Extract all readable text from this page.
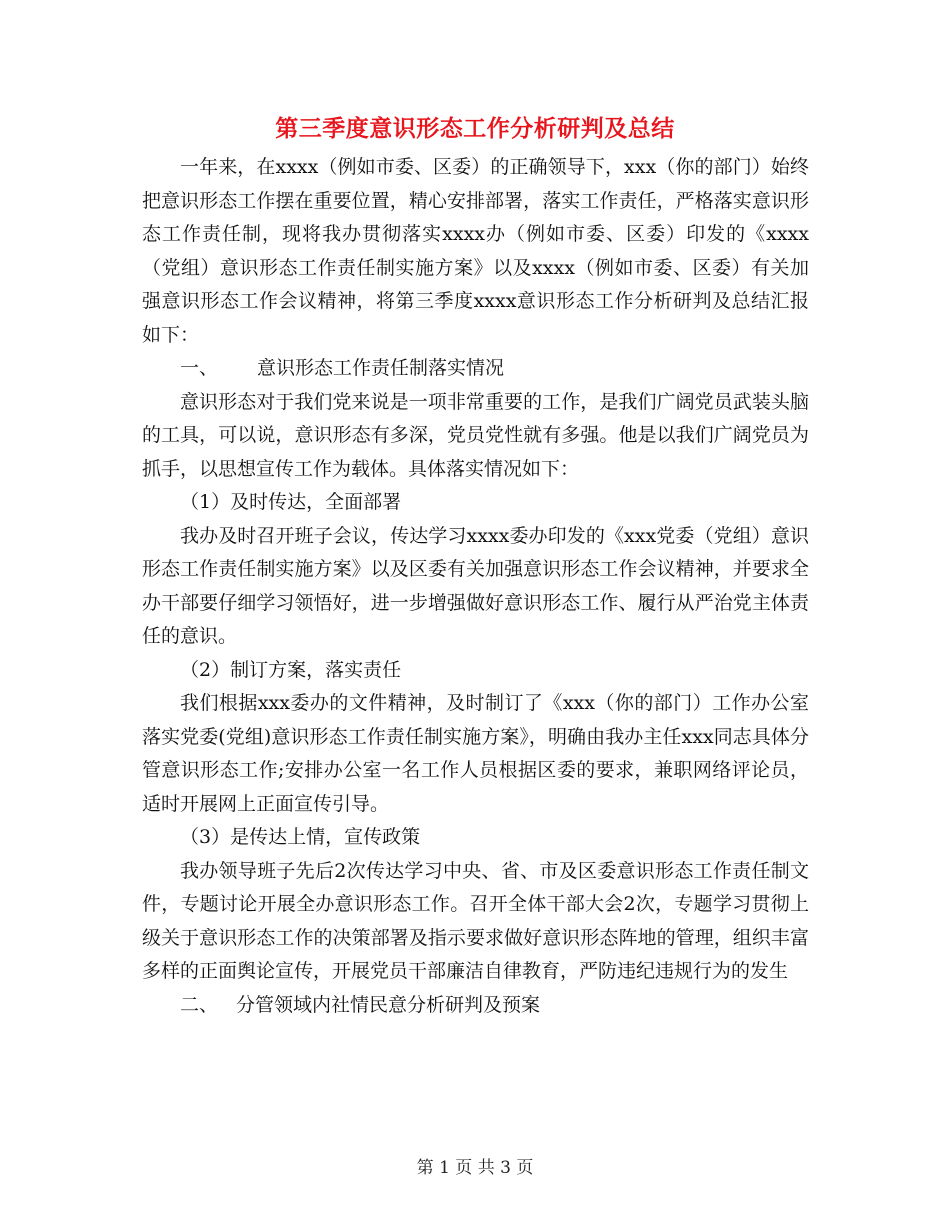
第三季度意识形态工作分析研判及总结

一年来，在xxxx（例如市委、区委）的正确领导下，xxx（你的部门）始终把意识形态工作摆在重要位置，精心安排部署，落实工作责任，严格落实意识形态工作责任制，现将我办贯彻落实xxxx办（例如市委、区委）印发的《xxxx（党组）意识形态工作责任制实施方案》以及xxxx（例如市委、区委）有关加强意识形态工作会议精神，将第三季度xxxx意识形态工作分析研判及总结汇报如下：

一、 意识形态工作责任制落实情况

意识形态对于我们党来说是一项非常重要的工作，是我们广阔党员武装头脑的工具，可以说，意识形态有多深，党员党性就有多强。他是以我们广阔党员为抓手，以思想宣传工作为载体。具体落实情况如下：

（1）及时传达，全面部署

我办及时召开班子会议，传达学习xxxx委办印发的《xxx党委（党组）意识形态工作责任制实施方案》以及区委有关加强意识形态工作会议精神，并要求全办干部要仔细学习领悟好，进一步增强做好意识形态工作、履行从严治党主体责任的意识。

（2）制订方案，落实责任

我们根据xxx委办的文件精神，及时制订了《xxx（你的部门）工作办公室落实党委(党组)意识形态工作责任制实施方案》，明确由我办主任xxx同志具体分管意识形态工作;安排办公室一名工作人员根据区委的要求，兼职网络评论员，适时开展网上正面宣传引导。

（3）是传达上情，宣传政策

我办领导班子先后2次传达学习中央、省、市及区委意识形态工作责任制文件，专题讨论开展全办意识形态工作。召开全体干部大会2次，专题学习贯彻上级关于意识形态工作的决策部署及指示要求做好意识形态阵地的管理，组织丰富多样的正面舆论宣传，开展党员干部廉洁自律教育，严防违纪违规行为的发生

二、 分管领域内社情民意分析研判及预案

第 1 页 共 3 页
